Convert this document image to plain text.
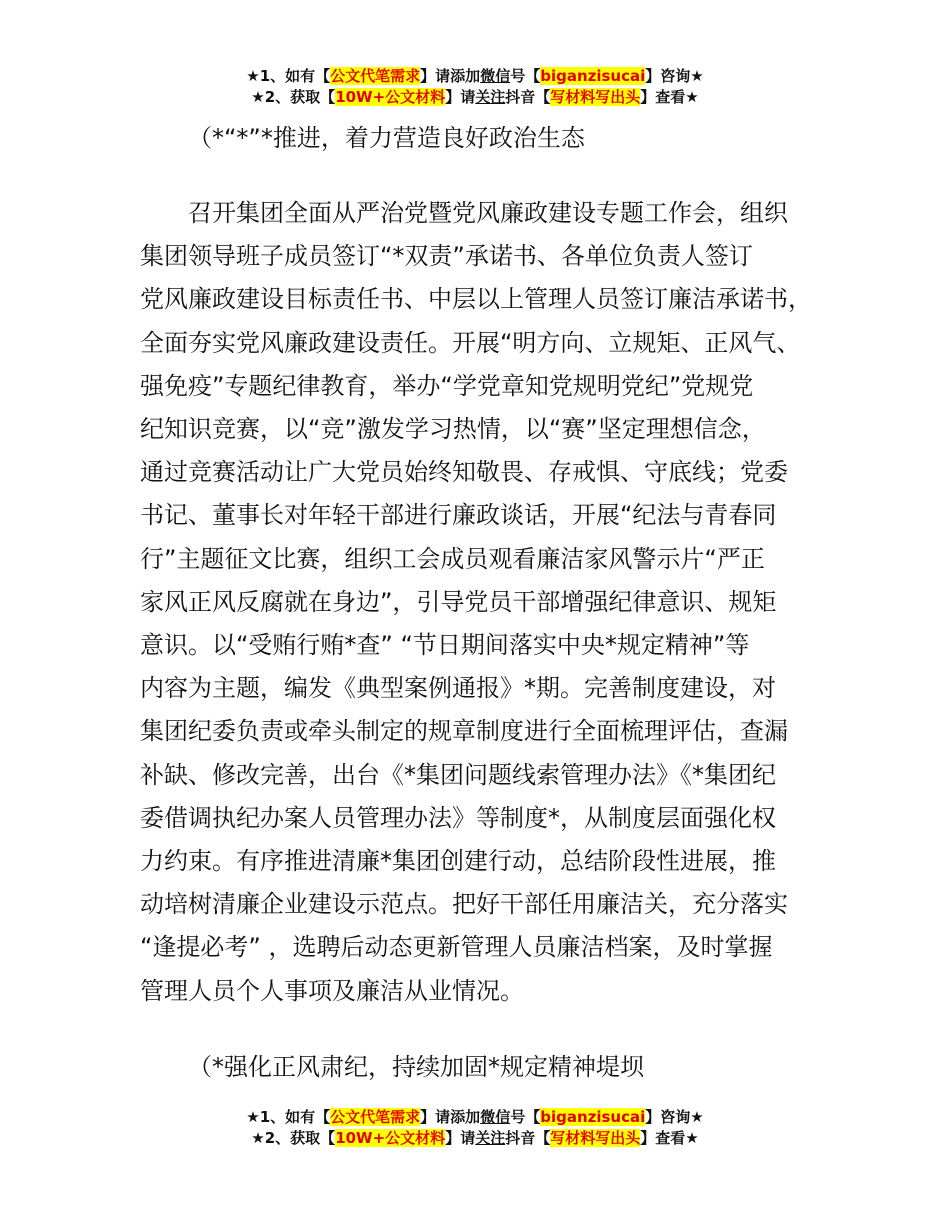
★1、如有【公文代笔需求】请添加微信号【biganzisucai】咨询★
★2、获取【10W+公文材料】请关注抖音【写材料写出头】查看★

（*“*”*推进，着力营造良好政治生态

　　召开集团全面从严治党暨党风廉政建设专题工作会，组织
集团领导班子成员签订“*双责”承诺书、各单位负责人签订
党风廉政建设目标责任书、中层以上管理人员签订廉洁承诺书，
全面夯实党风廉政建设责任。开展“明方向、立规矩、正风气、
强免疫”专题纪律教育，举办“学党章知党规明党纪”党规党
纪知识竞赛，以“竞”激发学习热情，以“赛”坚定理想信念，
通过竞赛活动让广大党员始终知敬畏、存戒惧、守底线；党委
书记、董事长对年轻干部进行廉政谈话，开展“纪法与青春同
行”主题征文比赛，组织工会成员观看廉洁家风警示片“严正
家风正风反腐就在身边”，引导党员干部增强纪律意识、规矩
意识。以“受贿行贿*查” “节日期间落实中央*规定精神”等
内容为主题，编发《典型案例通报》*期。完善制度建设，对
集团纪委负责或牵头制定的规章制度进行全面梳理评估，查漏
补缺、修改完善，出台《*集团问题线索管理办法》《*集团纪
委借调执纪办案人员管理办法》等制度*，从制度层面强化权
力约束。有序推进清廉*集团创建行动，总结阶段性进展，推
动培树清廉企业建设示范点。把好干部任用廉洁关，充分落实
“逢提必考” ，选聘后动态更新管理人员廉洁档案，及时掌握
管理人员个人事项及廉洁从业情况。

（*强化正风肃纪，持续加固*规定精神堤坝

★1、如有【公文代笔需求】请添加微信号【biganzisucai】咨询★
★2、获取【10W+公文材料】请关注抖音【写材料写出头】查看★
